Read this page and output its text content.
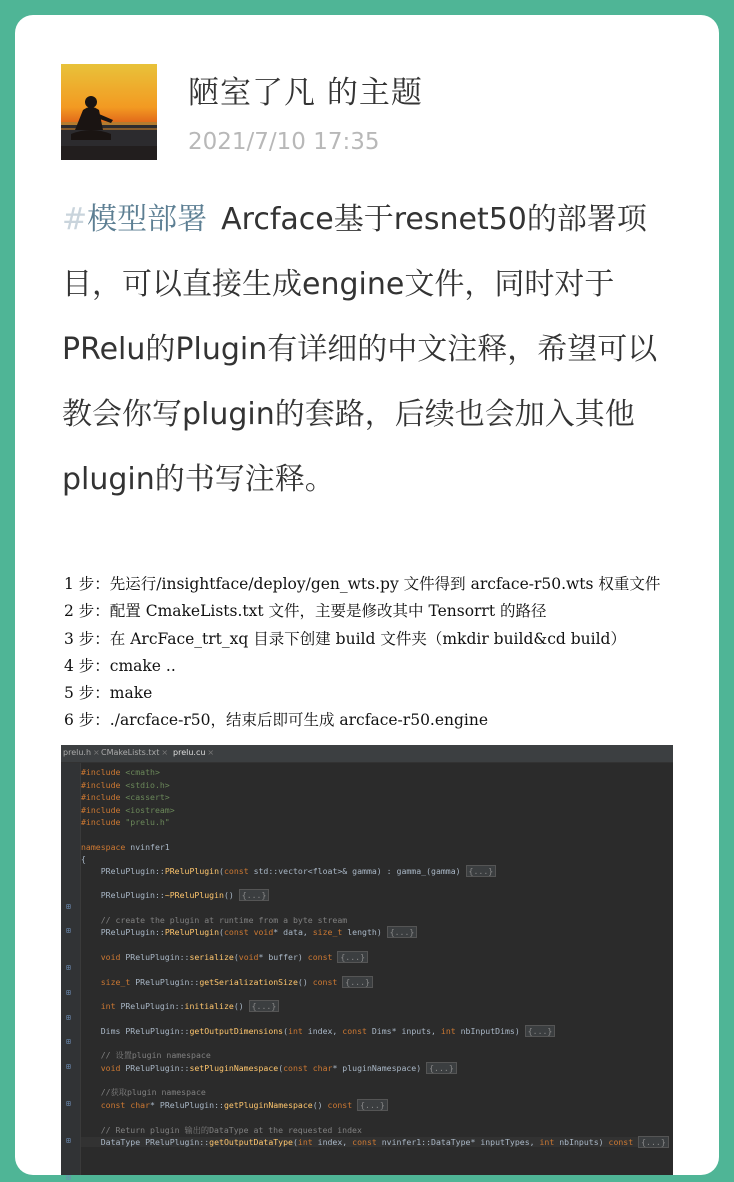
陋室了凡 的主题
2021/7/10 17:35
#模型部署 Arcface基于resnet50的部署项目，可以直接生成engine文件，同时对于PRelu的Plugin有详细的中文注释，希望可以教会你写plugin的套路，后续也会加入其他plugin的书写注释。
1 步：先运行/insightface/deploy/gen_wts.py 文件得到 arcface-r50.wts 权重文件
2 步：配置 CmakeLists.txt 文件，主要是修改其中 Tensorrt 的路径
3 步：在 ArcFace_trt_xq 目录下创建 build 文件夹（mkdir build&cd build）
4 步：cmake ..
5 步：make
6 步：./arcface-r50，结束后即可生成 arcface-r50.engine
prelu.h × CMakeLists.txt × prelu.cu ×
⊞
⊞
⊞
⊞
⊞
⊞
⊞
⊞
⊞
⊞
#include <cmath>
#include <stdio.h>
#include <cassert>
#include <iostream>
#include "prelu.h"
namespace nvinfer1
{
PReluPlugin::PReluPlugin(const std::vector<float>& gamma) : gamma_(gamma) {...}
PReluPlugin::~PReluPlugin() {...}
// create the plugin at runtime from a byte stream
PReluPlugin::PReluPlugin(const void* data, size_t length) {...}
void PReluPlugin::serialize(void* buffer) const {...}
size_t PReluPlugin::getSerializationSize() const {...}
int PReluPlugin::initialize() {...}
Dims PReluPlugin::getOutputDimensions(int index, const Dims* inputs, int nbInputDims) {...}
// 设置plugin namespace
void PReluPlugin::setPluginNamespace(const char* pluginNamespace) {...}
//获取plugin namespace
const char* PReluPlugin::getPluginNamespace() const {...}
// Return plugin 输出的DataType at the requested index
DataType PReluPlugin::getOutputDataType(int index, const nvinfer1::DataType* inputTypes, int nbInputs) const {...}
